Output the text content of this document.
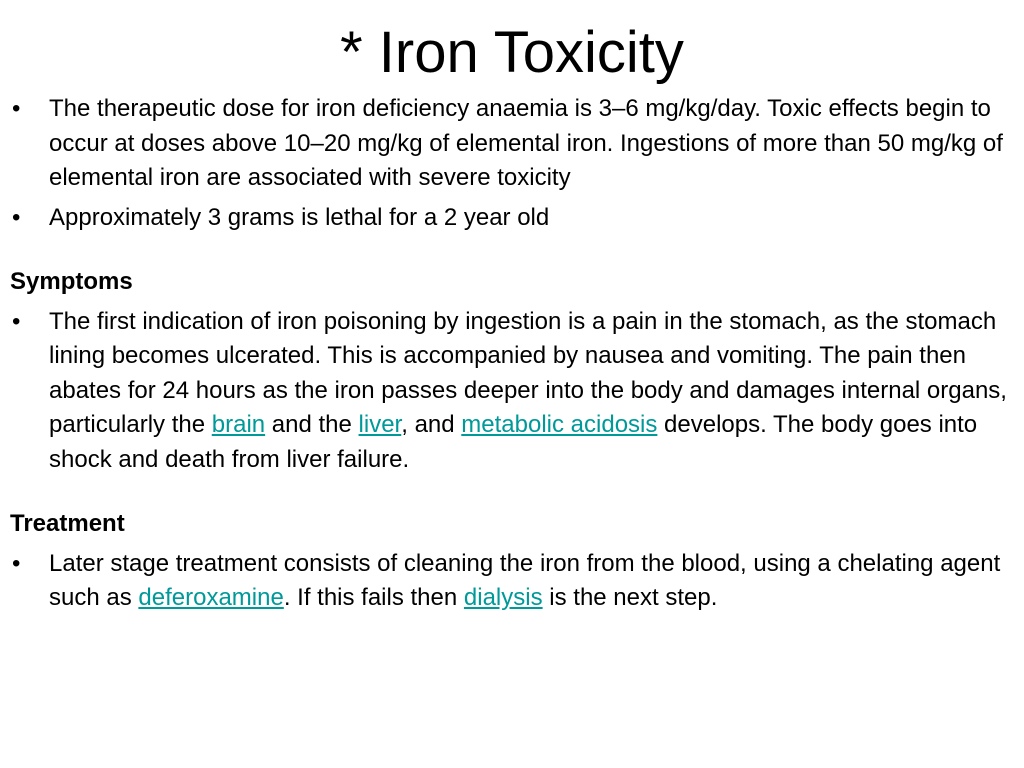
* Iron Toxicity
• The therapeutic dose for iron deficiency anaemia is 3–6 mg/kg/day. Toxic effects begin to occur at doses above 10–20 mg/kg of elemental iron. Ingestions of more than 50 mg/kg of elemental iron are associated with severe toxicity
• Approximately 3 grams is lethal for a 2 year old
Symptoms
• The first indication of iron poisoning by ingestion is a pain in the stomach, as the stomach lining becomes ulcerated. This is accompanied by nausea and vomiting. The pain then abates for 24 hours as the iron passes deeper into the body and damages internal organs, particularly the brain and the liver, and metabolic acidosis develops. The body goes into shock and death from liver failure.
Treatment
• Later stage treatment consists of cleaning the iron from the blood, using a chelating agent such as deferoxamine. If this fails then dialysis is the next step.
